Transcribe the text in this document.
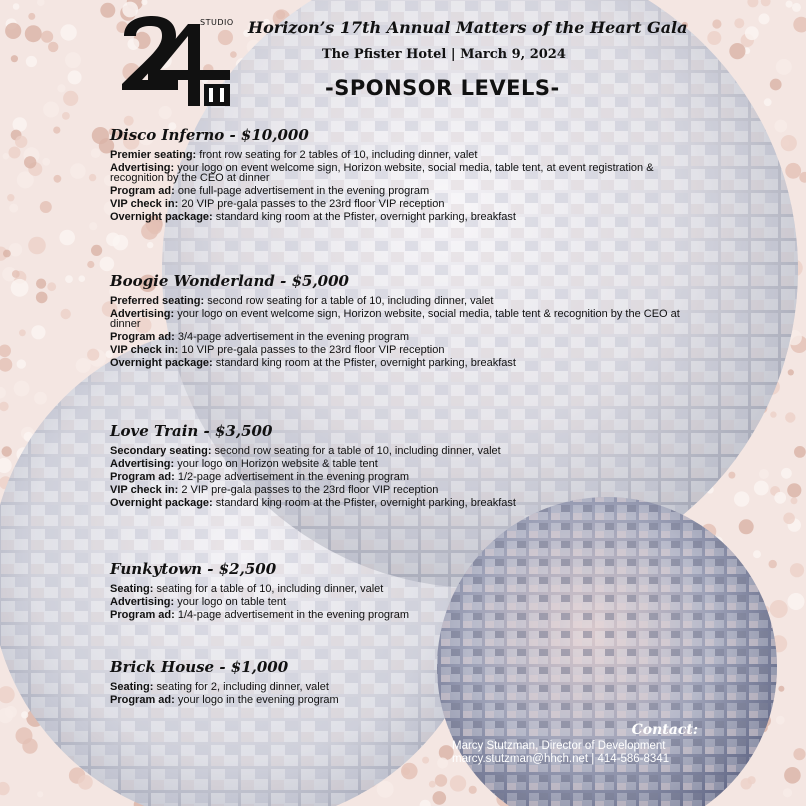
STUDIO Horizon’s 17th Annual Matters of the Heart Gala
The Pfister Hotel | March 9, 2024
-SPONSOR LEVELS-
Disco Inferno - $10,000
Premier seating: front row seating for 2 tables of 10, including dinner, valet
Advertising: your logo on event welcome sign, Horizon website, social media, table tent, at event registration & recognition by the CEO at dinner
Program ad: one full-page advertisement in the evening program
VIP check in: 20 VIP pre-gala passes to the 23rd floor VIP reception
Overnight package: standard king room at the Pfister, overnight parking, breakfast
Boogie Wonderland - $5,000
Preferred seating: second row seating for a table of 10, including dinner, valet
Advertising: your logo on event welcome sign, Horizon website, social media, table tent & recognition by the CEO at dinner
Program ad: 3/4-page advertisement in the evening program
VIP check in: 10 VIP pre-gala passes to the 23rd floor VIP reception
Overnight package: standard king room at the Pfister, overnight parking, breakfast
Love Train - $3,500
Secondary seating: second row seating for a table of 10, including dinner, valet
Advertising: your logo on Horizon website & table tent
Program ad: 1/2-page advertisement in the evening program
VIP check in: 2 VIP pre-gala passes to the 23rd floor VIP reception
Overnight package: standard king room at the Pfister, overnight parking, breakfast
Funkytown - $2,500
Seating: seating for a table of 10, including dinner, valet
Advertising: your logo on table tent
Program ad: 1/4-page advertisement in the evening program
Brick House - $1,000
Seating: seating for 2, including dinner, valet
Program ad: your logo in the evening program
Contact:
Marcy Stutzman, Director of Development
marcy.stutzman@hhch.net | 414-586-8341
